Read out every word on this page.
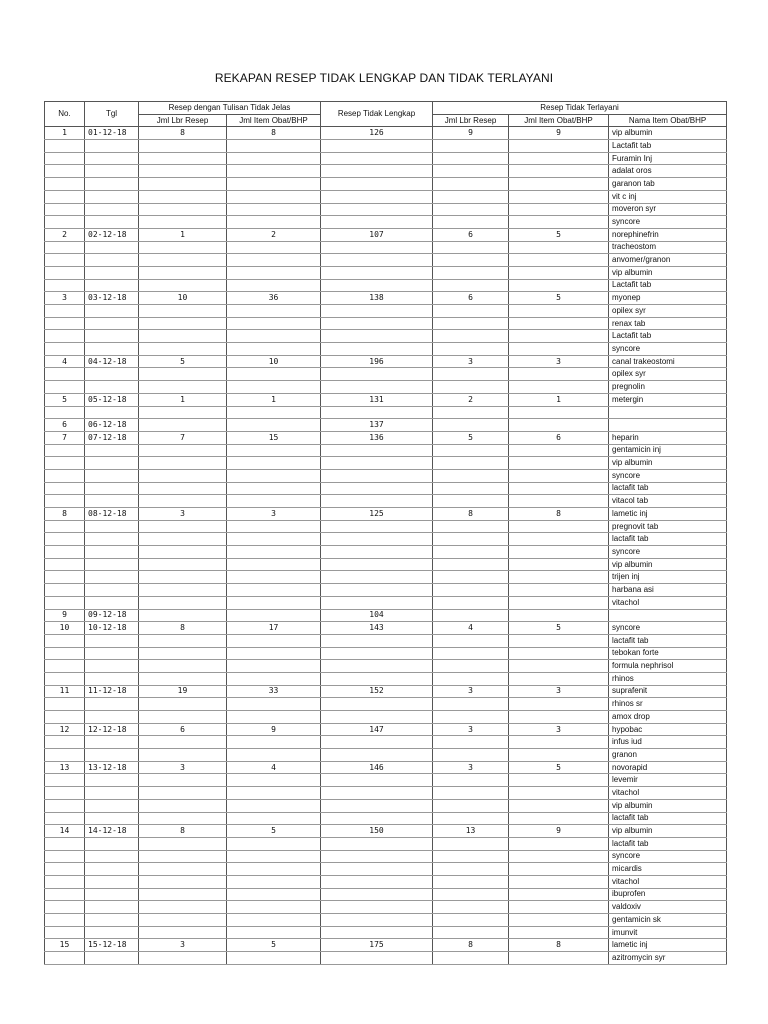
REKAPAN RESEP TIDAK LENGKAP DAN TIDAK TERLAYANI
No.	Tgl	Resep dengan Tulisan Tidak Jelas		Resep Tidak Lengkap	Resep Tidak Terlayani		
		Jml Lbr Resep	Jml Item Obat/BHP		Jml Lbr Resep	Jml Item Obat/BHP	Nama Item Obat/BHP
1	01-12-18	8	8	126	9	9	vip albumin
							Lactafit tab
							Furamin Inj
							adalat oros
							garanon tab
							vit c inj
							moveron syr
							syncore
2	02-12-18	1	2	107	6	5	norephinefrin
							tracheostom
							anvomer/granon
							vip albumin
							Lactafit tab
3	03-12-18	10	36	138	6	5	myonep
							opilex syr
							renax tab
							Lactafit tab
							syncore
4	04-12-18	5	10	196	3	3	canal trakeostomi
							opilex syr
							pregnolin
5	05-12-18	1	1	131	2	1	metergin

6	06-12-18			137			
7	07-12-18	7	15	136	5	6	heparin
							gentamicin inj
							vip albumin
							syncore
							lactafit tab
							vitacol tab
8	08-12-18	3	3	125	8	8	lametic inj
							pregnovit tab
							lactafit tab
							syncore
							vip albumin
							trijen inj
							harbana asi
							vitachol
9	09-12-18			104			
10	10-12-18	8	17	143	4	5	syncore
							lactafit tab
							tebokan forte
							formula nephrisol
							rhinos
11	11-12-18	19	33	152	3	3	suprafenit
							rhinos sr
							amox drop
12	12-12-18	6	9	147	3	3	hypobac
							infus iud
							granon
13	13-12-18	3	4	146	3	5	novorapid
							levemir
							vitachol
							vip albumin
							lactafit tab
14	14-12-18	8	5	150	13	9	vip albumin
							lactafit tab
							syncore
							micardis
							vitachol
							ibuprofen
							valdoxiv
							gentamicin sk
							imunvit
15	15-12-18	3	5	175	8	8	lametic inj
							azitromycin syr
